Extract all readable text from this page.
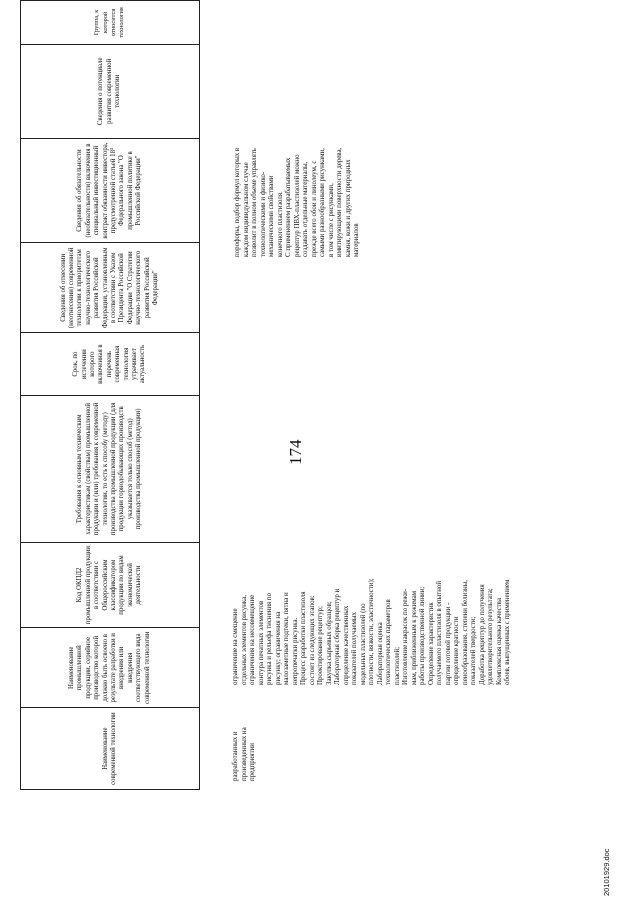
Наименование современной технологии
Наименование промышленной продукции, серийное производство которой должно быть освоено в результате разработки и внедрения или внедрения соответствующего вида современной технологии
Код ОКПД2 промышленной продукции в соответствии с Общероссийским классификатором продукции по видам экономической деятельности
Требования к основным техническим характеристикам (свойствам) промышленной продукции и (или) требования к современной технологии, то есть к способу (методу) производства промышленной продукции (для продукции горнодобывающих производств указывается только способ (метод) производства промышленной продукции)
Срок, по истечении которого включенная в перечень современная технология утрачивает актуальность
Сведения об отнесении (неотнесении) современной технологии к приоритетам научно-технологического развития Российской Федерации, установленным в соответствии с Указом Президента Российской Федерации "О Стратегии научно-технологического развития Российской Федерации"
Сведения об обязательности (необязательности) включения в специальный инвестиционный контракт обязанности инвестора, предусмотренной статьей 18³ Федерального закона "О промышленной политике в Российской Федерации"
Сведения о потенциале развития современной технологии
Группа, к которой относится технология
174
разработанных и произведенных на предприятии
ограничение на смещение отдельных элементов рисунка, ограничения на несовмещение контура печатных элементов рисунка и рельефа тиснения по рисунку; ограничения на малозаметные подтеки, пятна и непропечатки рисунка. Процесс разработки пластизоля состоит из следующих этапов: Проектирование рецептур; Закупка сырьевых образцов; Лабораторная сборка рецептур и определение качественных показателей получаемых модельных пластизолей (по плотности, вязкости, эластичности); Лабораторная оценка технологических параметров пластизолей; Изготовление накрасок по режи- мам, приближенным к режимам работы производственной линии; Определение характеристик получаемого пластизоля в опытной партии готовой продукции - определение кратности пенообразования, степени белизны, показателей твердости; Доработка рецептур до получения удовлетворительного результата; Комплексная оценка качества обоев, выпущенных с применением
порофоры, подбор формул которых в каждом индивидуальном случае позволит в полном объеме управлять технологическими и физико- механическими свойствами конечного пластизоля. С применением разрабатываемых рецептур ПВХ-пластизолей можно создавать отдельные материалы, прежде всего обои и линолеум, с самыми разнообразными рисунками, в том числе с рисунками, имитирующими поверхности дерева, камня, кожи и других природных материалов
20101929.doc
